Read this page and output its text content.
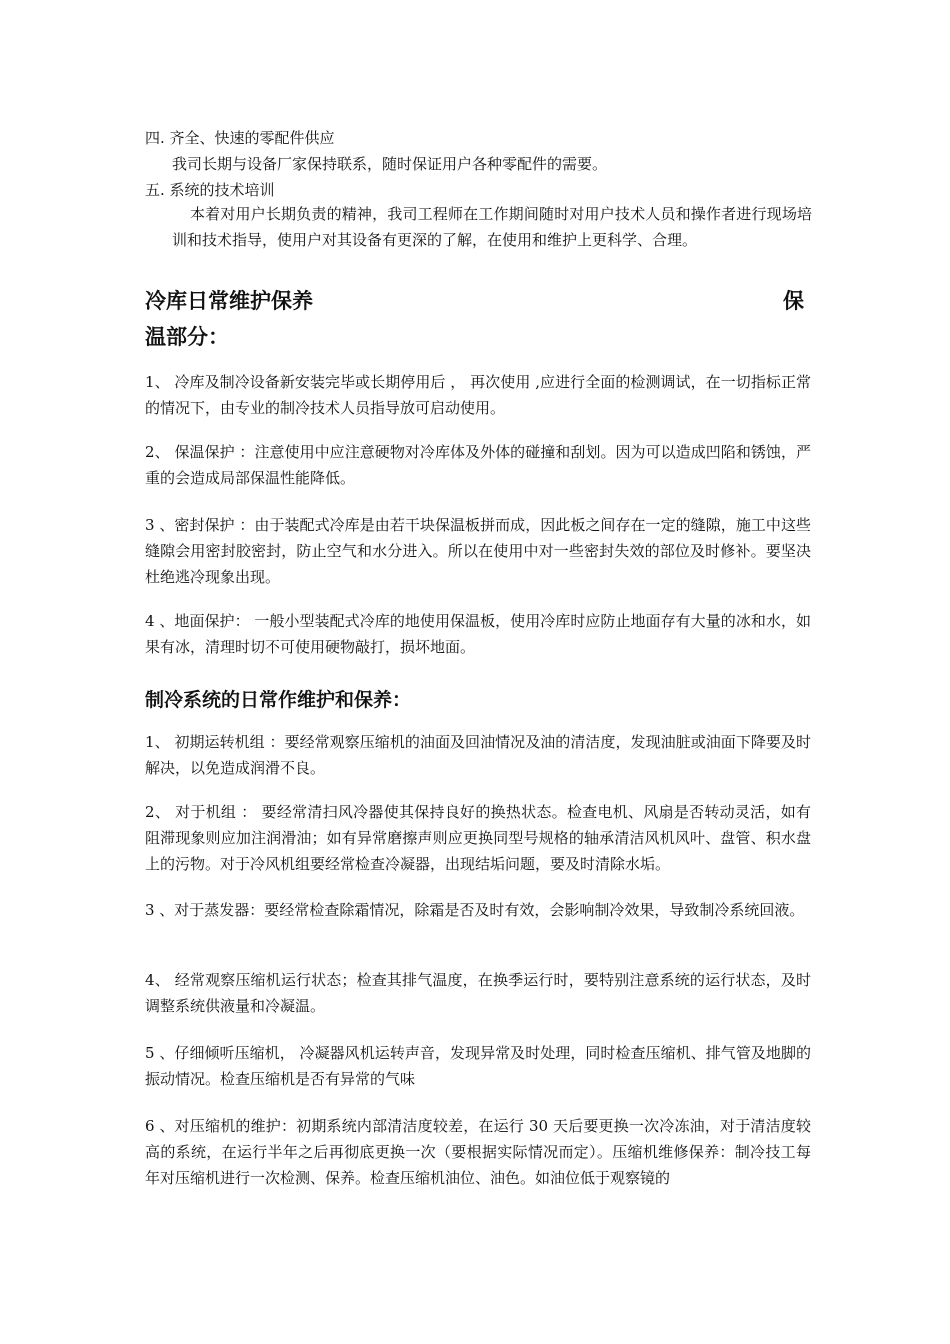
四. 齐全、快速的零配件供应
我司长期与设备厂家保持联系，随时保证用户各种零配件的需要。
五. 系统的技术培训
本着对用户长期负责的精神，我司工程师在工作期间随时对用户技术人员和操作者进行现场培训和技术指导，使用户对其设备有更深的了解，在使用和维护上更科学、合理。
冷库日常维护保养	保
温部分：
1、 冷库及制冷设备新安装完毕或长期停用后 ， 再次使用 ,应进行全面的检测调试，在一切指标正常的情况下，由专业的制冷技术人员指导放可启动使用。
2、 保温保护 ：注意使用中应注意硬物对冷库体及外体的碰撞和刮划。因为可以造成凹陷和锈蚀，严重的会造成局部保温性能降低。
3 、密封保护 ：由于装配式冷库是由若干块保温板拼而成，因此板之间存在一定的缝隙，施工中这些缝隙会用密封胶密封，防止空气和水分进入。所以在使用中对一些密封失效的部位及时修补。要坚决杜绝逃冷现象出现。
4 、地面保护： 一般小型装配式冷库的地使用保温板，使用冷库时应防止地面存有大量的冰和水，如果有冰，清理时切不可使用硬物敲打，损坏地面。
制冷系统的日常作维护和保养：
1、 初期运转机组 ：要经常观察压缩机的油面及回油情况及油的清洁度，发现油脏或油面下降要及时解决，以免造成润滑不良。
2、 对于机组 ： 要经常清扫风冷器使其保持良好的换热状态。检查电机、风扇是否转动灵活，如有阻滞现象则应加注润滑油；如有异常磨擦声则应更换同型号规格的轴承清洁风机风叶、盘管、积水盘上的污物。对于冷风机组要经常检查冷凝器，出现结垢问题，要及时清除水垢。
3 、对于蒸发器：要经常检查除霜情况，除霜是否及时有效，会影响制冷效果，导致制冷系统回液。
4、 经常观察压缩机运行状态；检查其排气温度，在换季运行时，要特别注意系统的运行状态，及时调整系统供液量和冷凝温。
5 、仔细倾听压缩机， 冷凝器风机运转声音，发现异常及时处理，同时检查压缩机、排气管及地脚的振动情况。检查压缩机是否有异常的气味
6 、对压缩机的维护：初期系统内部清洁度较差，在运行 30 天后要更换一次冷冻油，对于清洁度较高的系统，在运行半年之后再彻底更换一次（要根据实际情况而定）。压缩机维修保养：制冷技工每年对压缩机进行一次检测、保养。检查压缩机油位、油色。如油位低于观察镜的
